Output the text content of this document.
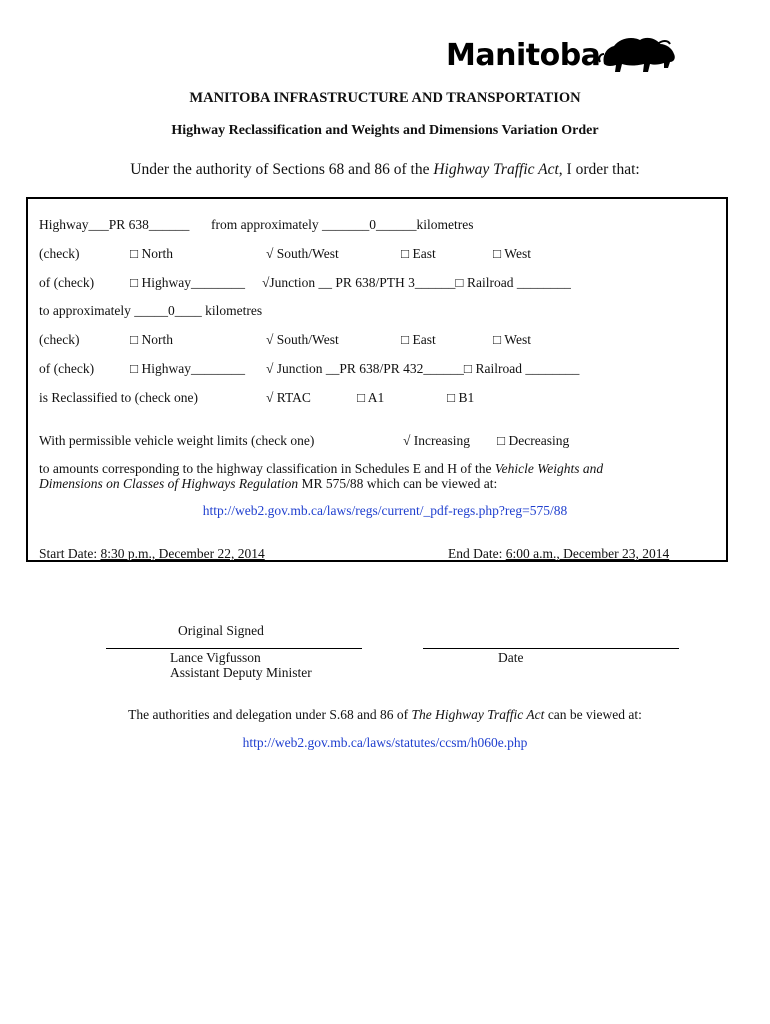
Manitoba
MANITOBA INFRASTRUCTURE AND TRANSPORTATION
Highway Reclassification and Weights and Dimensions Variation Order
Under the authority of Sections 68 and 86 of the Highway Traffic Act, I order that:
Highway___PR 638______ from approximately _______0______kilometres
(check)	□ North	√ South/West	□ East	□ West
of (check)	□ Highway________ √Junction __ PR 638/PTH 3______□ Railroad ________
to approximately _____0____ kilometres
(check)	□ North	√ South/West	□ East	□ West
of (check)	□ Highway________ √ Junction __PR 638/PR 432______□ Railroad ________
is Reclassified to (check one)	√ RTAC	□ A1	□ B1
With permissible vehicle weight limits (check one)	√ Increasing □ Decreasing
to amounts corresponding to the highway classification in Schedules E and H of the Vehicle Weights and
Dimensions on Classes of Highways Regulation MR 575/88 which can be viewed at:
http://web2.gov.mb.ca/laws/regs/current/_pdf-regs.php?reg=575/88
Start Date: 8:30 p.m., December 22, 2014	End Date: 6:00 a.m., December 23, 2014
Original Signed
Lance Vigfusson
Assistant Deputy Minister
Date
The authorities and delegation under S.68 and 86 of The Highway Traffic Act can be viewed at:
http://web2.gov.mb.ca/laws/statutes/ccsm/h060e.php
